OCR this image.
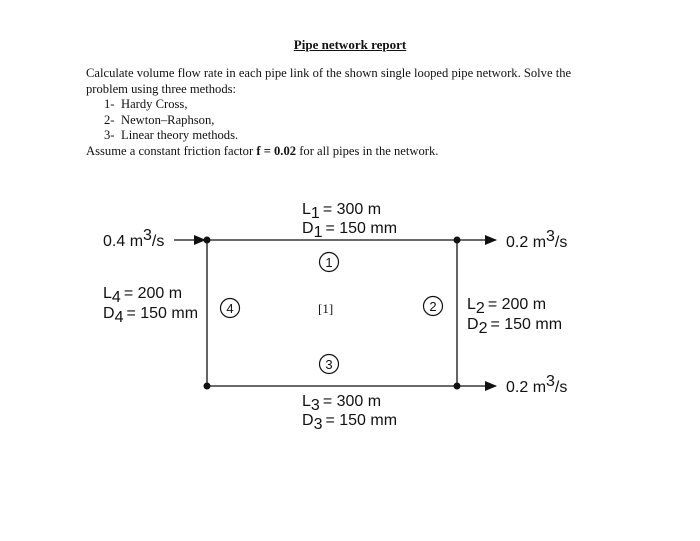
Pipe network report

Calculate volume flow rate in each pipe link of the shown single looped pipe network. Solve the

problem using three methods:

1- Hardy Cross,
2- Newton–Raphson,
3- Linear theory methods.

Assume a constant friction factor f = 0.02 for all pipes in the network.

0.4 m3/s	0.2 m3/s
0.2 m3/s
L1 = 300 m
D1 = 150 mm
L4 = 200 m
D4 = 150 mm
L2 = 200 m
D2 = 150 mm
L3 = 300 m
D3 = 150 mm
1
2
3
4	[1]
